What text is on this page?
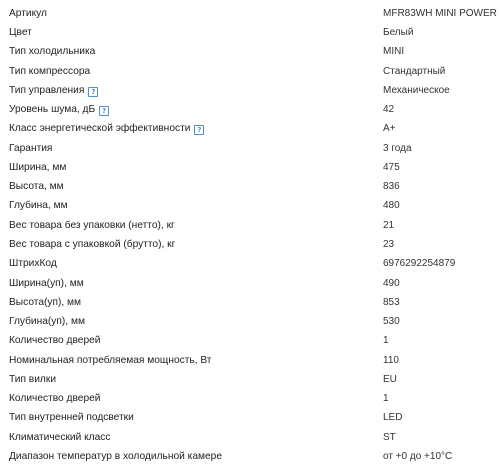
Артикул	MFR83WH MINI POWER
Цвет	Белый
Тип холодильника	MINI
Тип компрессора	Стандартный
Тип управления ?	Механическое
Уровень шума, дБ ?	42
Класс энергетической эффективности ?	A+
Гарантия	3 года
Ширина, мм	475
Высота, мм	836
Глубина, мм	480
Вес товара без упаковки (нетто), кг	21
Вес товара с упаковкой (брутто), кг	23
ШтрихКод	6976292254879
Ширина(уп), мм	490
Высота(уп), мм	853
Глубина(уп), мм	530
Количество дверей	1
Номинальная потребляемая мощность, Вт	110
Тип вилки	EU
Количество дверей	1
Тип внутренней подсветки	LED
Климатический класс	ST
Диапазон температур в холодильной камере	от +0 до +10°C
